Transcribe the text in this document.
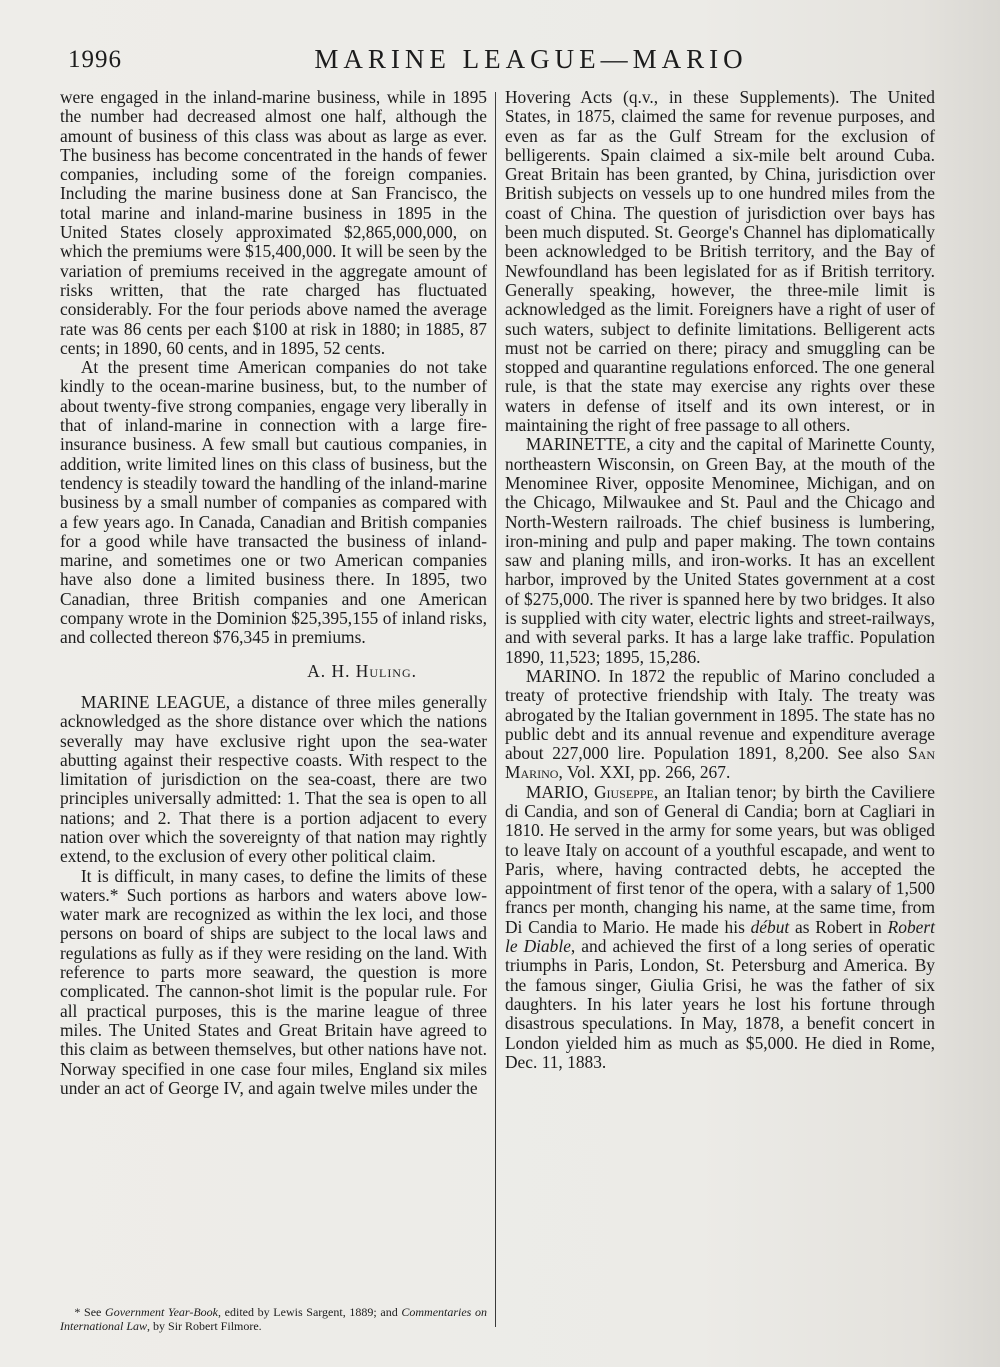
1996	MARINE LEAGUE—MARIO

were engaged in the inland-marine business, while in 1895 the number had decreased almost one half, although the amount of business of this class was about as large as ever. The business has become concentrated in the hands of fewer companies, including some of the foreign companies. Including the marine business done at San Francisco, the total marine and inland-marine business in 1895 in the United States closely approximated $2,865,000,000, on which the premiums were $15,400,000. It will be seen by the variation of premiums received in the aggregate amount of risks written, that the rate charged has fluctuated considerably. For the four periods above named the average rate was 86 cents per each $100 at risk in 1880; in 1885, 87 cents; in 1890, 60 cents, and in 1895, 52 cents.

At the present time American companies do not take kindly to the ocean-marine business, but, to the number of about twenty-five strong companies, engage very liberally in that of inland-marine in connection with a large fire-insurance business. A few small but cautious companies, in addition, write limited lines on this class of business, but the tendency is steadily toward the handling of the inland-marine business by a small number of companies as compared with a few years ago. In Canada, Canadian and British companies for a good while have transacted the business of inland-marine, and sometimes one or two American companies have also done a limited business there. In 1895, two Canadian, three British companies and one American company wrote in the Dominion $25,395,155 of inland risks, and collected thereon $76,345 in premiums.

A. H. Huling.

MARINE LEAGUE, a distance of three miles generally acknowledged as the shore distance over which the nations severally may have exclusive right upon the sea-water abutting against their respective coasts. With respect to the limitation of jurisdiction on the sea-coast, there are two principles universally admitted: 1. That the sea is open to all nations; and 2. That there is a portion adjacent to every nation over which the sovereignty of that nation may rightly extend, to the exclusion of every other political claim.

It is difficult, in many cases, to define the limits of these waters.* Such portions as harbors and waters above low-water mark are recognized as within the lex loci, and those persons on board of ships are subject to the local laws and regulations as fully as if they were residing on the land. With reference to parts more seaward, the question is more complicated. The cannon-shot limit is the popular rule. For all practical purposes, this is the marine league of three miles. The United States and Great Britain have agreed to this claim as between themselves, but other nations have not. Norway specified in one case four miles, England six miles under an act of George IV, and again twelve miles under the

Hovering Acts (q.v., in these Supplements). The United States, in 1875, claimed the same for revenue purposes, and even as far as the Gulf Stream for the exclusion of belligerents. Spain claimed a six-mile belt around Cuba. Great Britain has been granted, by China, jurisdiction over British subjects on vessels up to one hundred miles from the coast of China. The question of jurisdiction over bays has been much disputed. St. George's Channel has diplomatically been acknowledged to be British territory, and the Bay of Newfoundland has been legislated for as if British territory. Generally speaking, however, the three-mile limit is acknowledged as the limit. Foreigners have a right of user of such waters, subject to definite limitations. Belligerent acts must not be carried on there; piracy and smuggling can be stopped and quarantine regulations enforced. The one general rule, is that the state may exercise any rights over these waters in defense of itself and its own interest, or in maintaining the right of free passage to all others.

MARINETTE, a city and the capital of Marinette County, northeastern Wisconsin, on Green Bay, at the mouth of the Menominee River, opposite Menominee, Michigan, and on the Chicago, Milwaukee and St. Paul and the Chicago and North-Western railroads. The chief business is lumbering, iron-mining and pulp and paper making. The town contains saw and planing mills, and iron-works. It has an excellent harbor, improved by the United States government at a cost of $275,000. The river is spanned here by two bridges. It also is supplied with city water, electric lights and street-railways, and with several parks. It has a large lake traffic. Population 1890, 11,523; 1895, 15,286.

MARINO. In 1872 the republic of Marino concluded a treaty of protective friendship with Italy. The treaty was abrogated by the Italian government in 1895. The state has no public debt and its annual revenue and expenditure average about 227,000 lire. Population 1891, 8,200. See also San Marino, Vol. XXI, pp. 266, 267.

MARIO, Giuseppe, an Italian tenor; by birth the Caviliere di Candia, and son of General di Candia; born at Cagliari in 1810. He served in the army for some years, but was obliged to leave Italy on account of a youthful escapade, and went to Paris, where, having contracted debts, he accepted the appointment of first tenor of the opera, with a salary of 1,500 francs per month, changing his name, at the same time, from Di Candia to Mario. He made his début as Robert in Robert le Diable, and achieved the first of a long series of operatic triumphs in Paris, London, St. Petersburg and America. By the famous singer, Giulia Grisi, he was the father of six daughters. In his later years he lost his fortune through disastrous speculations. In May, 1878, a benefit concert in London yielded him as much as $5,000. He died in Rome, Dec. 11, 1883.

* See Government Year-Book, edited by Lewis Sargent, 1889; and Commentaries on International Law, by Sir Robert Filmore.
